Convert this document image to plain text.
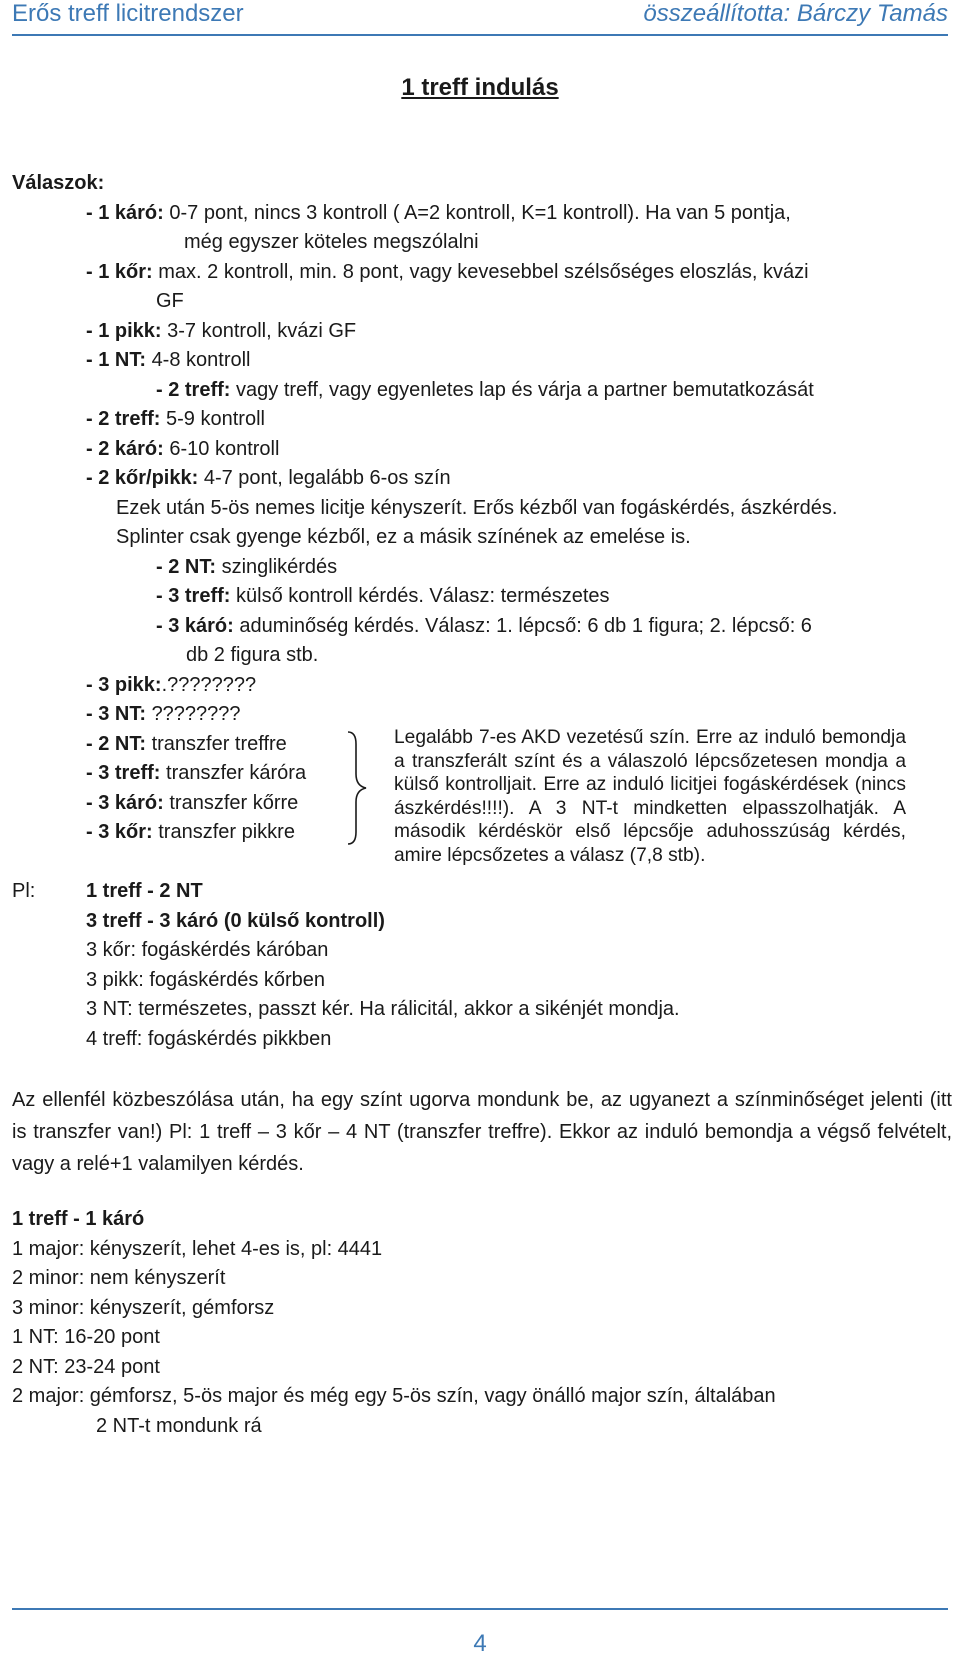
Erős treff licitrendszer	összeállította: Bárczy Tamás
1 treff indulás
Válaszok:
- 1 káró: 0-7 pont, nincs 3 kontroll ( A=2 kontroll, K=1 kontroll). Ha van 5 pontja,
még egyszer köteles megszólalni
- 1 kőr: max. 2 kontroll, min. 8 pont, vagy kevesebbel szélsőséges eloszlás, kvázi
GF
- 1 pikk: 3-7 kontroll, kvázi GF
- 1 NT: 4-8 kontroll
- 2 treff: vagy treff, vagy egyenletes lap és várja a partner bemutatkozását
- 2 treff: 5-9 kontroll
- 2 káró: 6-10 kontroll
- 2 kőr/pikk: 4-7 pont, legalább 6-os szín
Ezek után 5-ös nemes licitje kényszerít. Erős kézből van fogáskérdés, ászkérdés.
Splinter csak gyenge kézből, ez a másik színének az emelése is.
- 2 NT: szinglikérdés
- 3 treff: külső kontroll kérdés. Válasz: természetes
- 3 káró: aduminőség kérdés. Válasz: 1. lépcső: 6 db 1 figura; 2. lépcső: 6
db 2 figura stb.
- 3 pikk:.????????
- 3 NT: ????????
- 2 NT: transzfer treffre
- 3 treff: transzfer káróra
- 3 káró: transzfer kőrre
- 3 kőr: transzfer pikkre
Legalább 7-es AKD vezetésű szín. Erre az induló bemondja a transzferált színt és a válaszoló lépcsőzetesen mondja a külső kontrolljait. Erre az induló licitjei fogáskérdések (nincs ászkérdés!!!!). A 3 NT-t mindketten elpasszolhatják. A második kérdéskör első lépcsője aduhosszúság kérdés, amire lépcsőzetes a válasz (7,8 stb).
Pl:	1 treff - 2 NT
3 treff - 3 káró (0 külső kontroll)
3 kőr: fogáskérdés káróban
3 pikk: fogáskérdés kőrben
3 NT: természetes, passzt kér. Ha rálicitál, akkor a sikénjét mondja.
4 treff: fogáskérdés pikkben
Az ellenfél közbeszólása után, ha egy színt ugorva mondunk be, az ugyanezt a színminőséget jelenti (itt is transzfer van!) Pl: 1 treff – 3 kőr – 4 NT (transzfer treffre). Ekkor az induló bemondja a végső felvételt, vagy a relé+1 valamilyen kérdés.
1 treff - 1 káró
1 major: kényszerít, lehet 4-es is, pl: 4441
2 minor: nem kényszerít
3 minor: kényszerít, gémforsz
1 NT: 16-20 pont
2 NT: 23-24 pont
2 major: gémforsz, 5-ös major és még egy 5-ös szín, vagy önálló major szín, általában
2 NT-t mondunk rá
4
